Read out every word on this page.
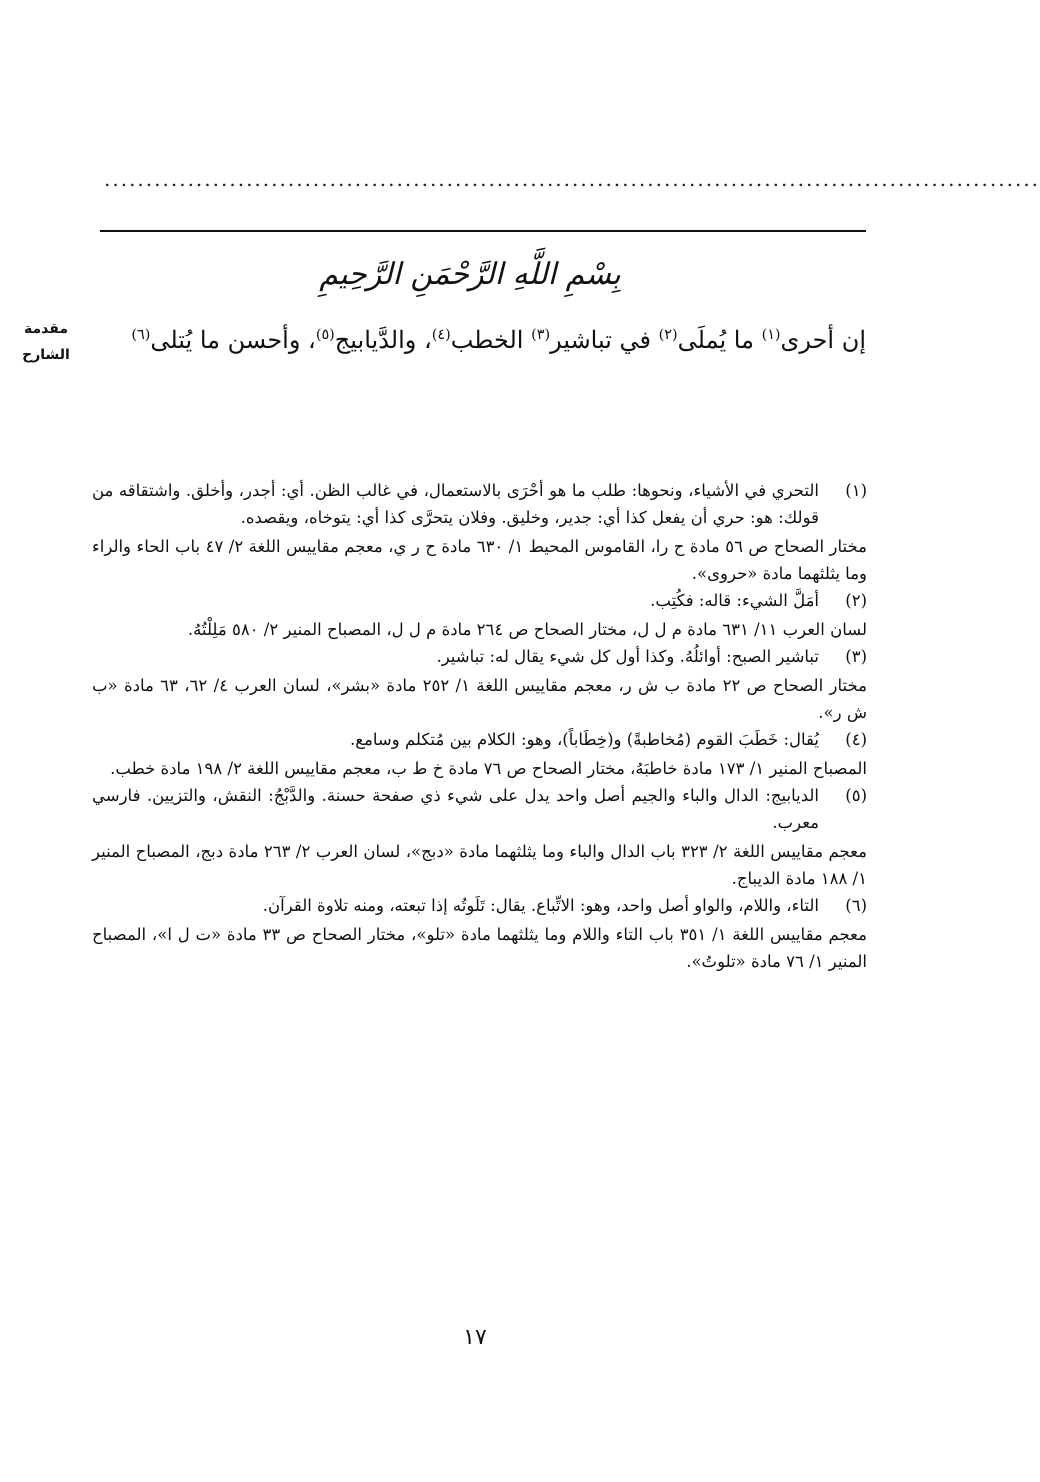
................................................................................................................
بِسْمِ اللَّهِ الرَّحْمَنِ الرَّحِيمِ
مقدمة
الشارح
إن أحرى$^{(١)}$ ما يُملَى$^{(٢)}$ في تباشير$^{(٣)}$ الخطب$^{(٤)}$، والدَّيابيج$^{(٥)}$، وأحسن ما يُتلى$^{(٦)}$
(١)
التحري في الأشياء، ونحوها: طلب ما هو أحْرَى بالاستعمال، في غالب الظن. أي: أجدر، وأخلق. واشتقاقه من قولك: هو: حري أن يفعل كذا أي: جدير، وخليق. وفلان يتحرَّى كذا أي: يتوخاه، ويقصده.
مختار الصحاح ص ٥٦ مادة ح را، القاموس المحيط ١/ ٦٣٠ مادة ح ر ي، معجم مقاييس اللغة ٢/ ٤٧ باب الحاء والراء وما يثلثهما مادة «حروى».
(٢)
أمَلَّ الشيء: قاله: فكُتِب.
لسان العرب ١١/ ٦٣١ مادة م ل ل، مختار الصحاح ص ٢٦٤ مادة م ل ل، المصباح المنير ٢/ ٥٨٠ مَلِلْتُهُ.
(٣)
تباشير الصبح: أوائلُهُ. وكذا أول كل شيء يقال له: تباشير.
مختار الصحاح ص ٢٢ مادة ب ش ر، معجم مقاييس اللغة ١/ ٢٥٢ مادة «بشر»، لسان العرب ٤/ ٦٢، ٦٣ مادة «ب ش ر».
(٤)
يُقال: خَطَبَ القوم (مُخاطبةً) و(خِطَاباً)، وهو: الكلام بين مُتكلم وسامع.
المصباح المنير ١/ ١٧٣ مادة خاطبَهُ، مختار الصحاح ص ٧٦ مادة خ ط ب، معجم مقاييس اللغة ٢/ ١٩٨ مادة خطب.
(٥)
الديابيج: الدال والباء والجيم أصل واحد يدل على شيء ذي صفحة حسنة. والدَّبْجُ: النقش، والتزيين. فارسي معرب.
معجم مقاييس اللغة ٢/ ٣٢٣ باب الدال والباء وما يثلثهما مادة «دبج»، لسان العرب ٢/ ٢٦٣ مادة دبج، المصباح المنير ١/ ١٨٨ مادة الديباج.
(٦)
التاء، واللام، والواو أصل واحد، وهو: الاتِّباع. يقال: تَلَوتُه إذا تبعته، ومنه تلاوة القرآن.
معجم مقاييس اللغة ١/ ٣٥١ باب التاء واللام وما يثلثهما مادة «تلو»، مختار الصحاح ص ٣٣ مادة «ت ل ا»، المصباح المنير ١/ ٧٦ مادة «تلوتُ».
١٧
